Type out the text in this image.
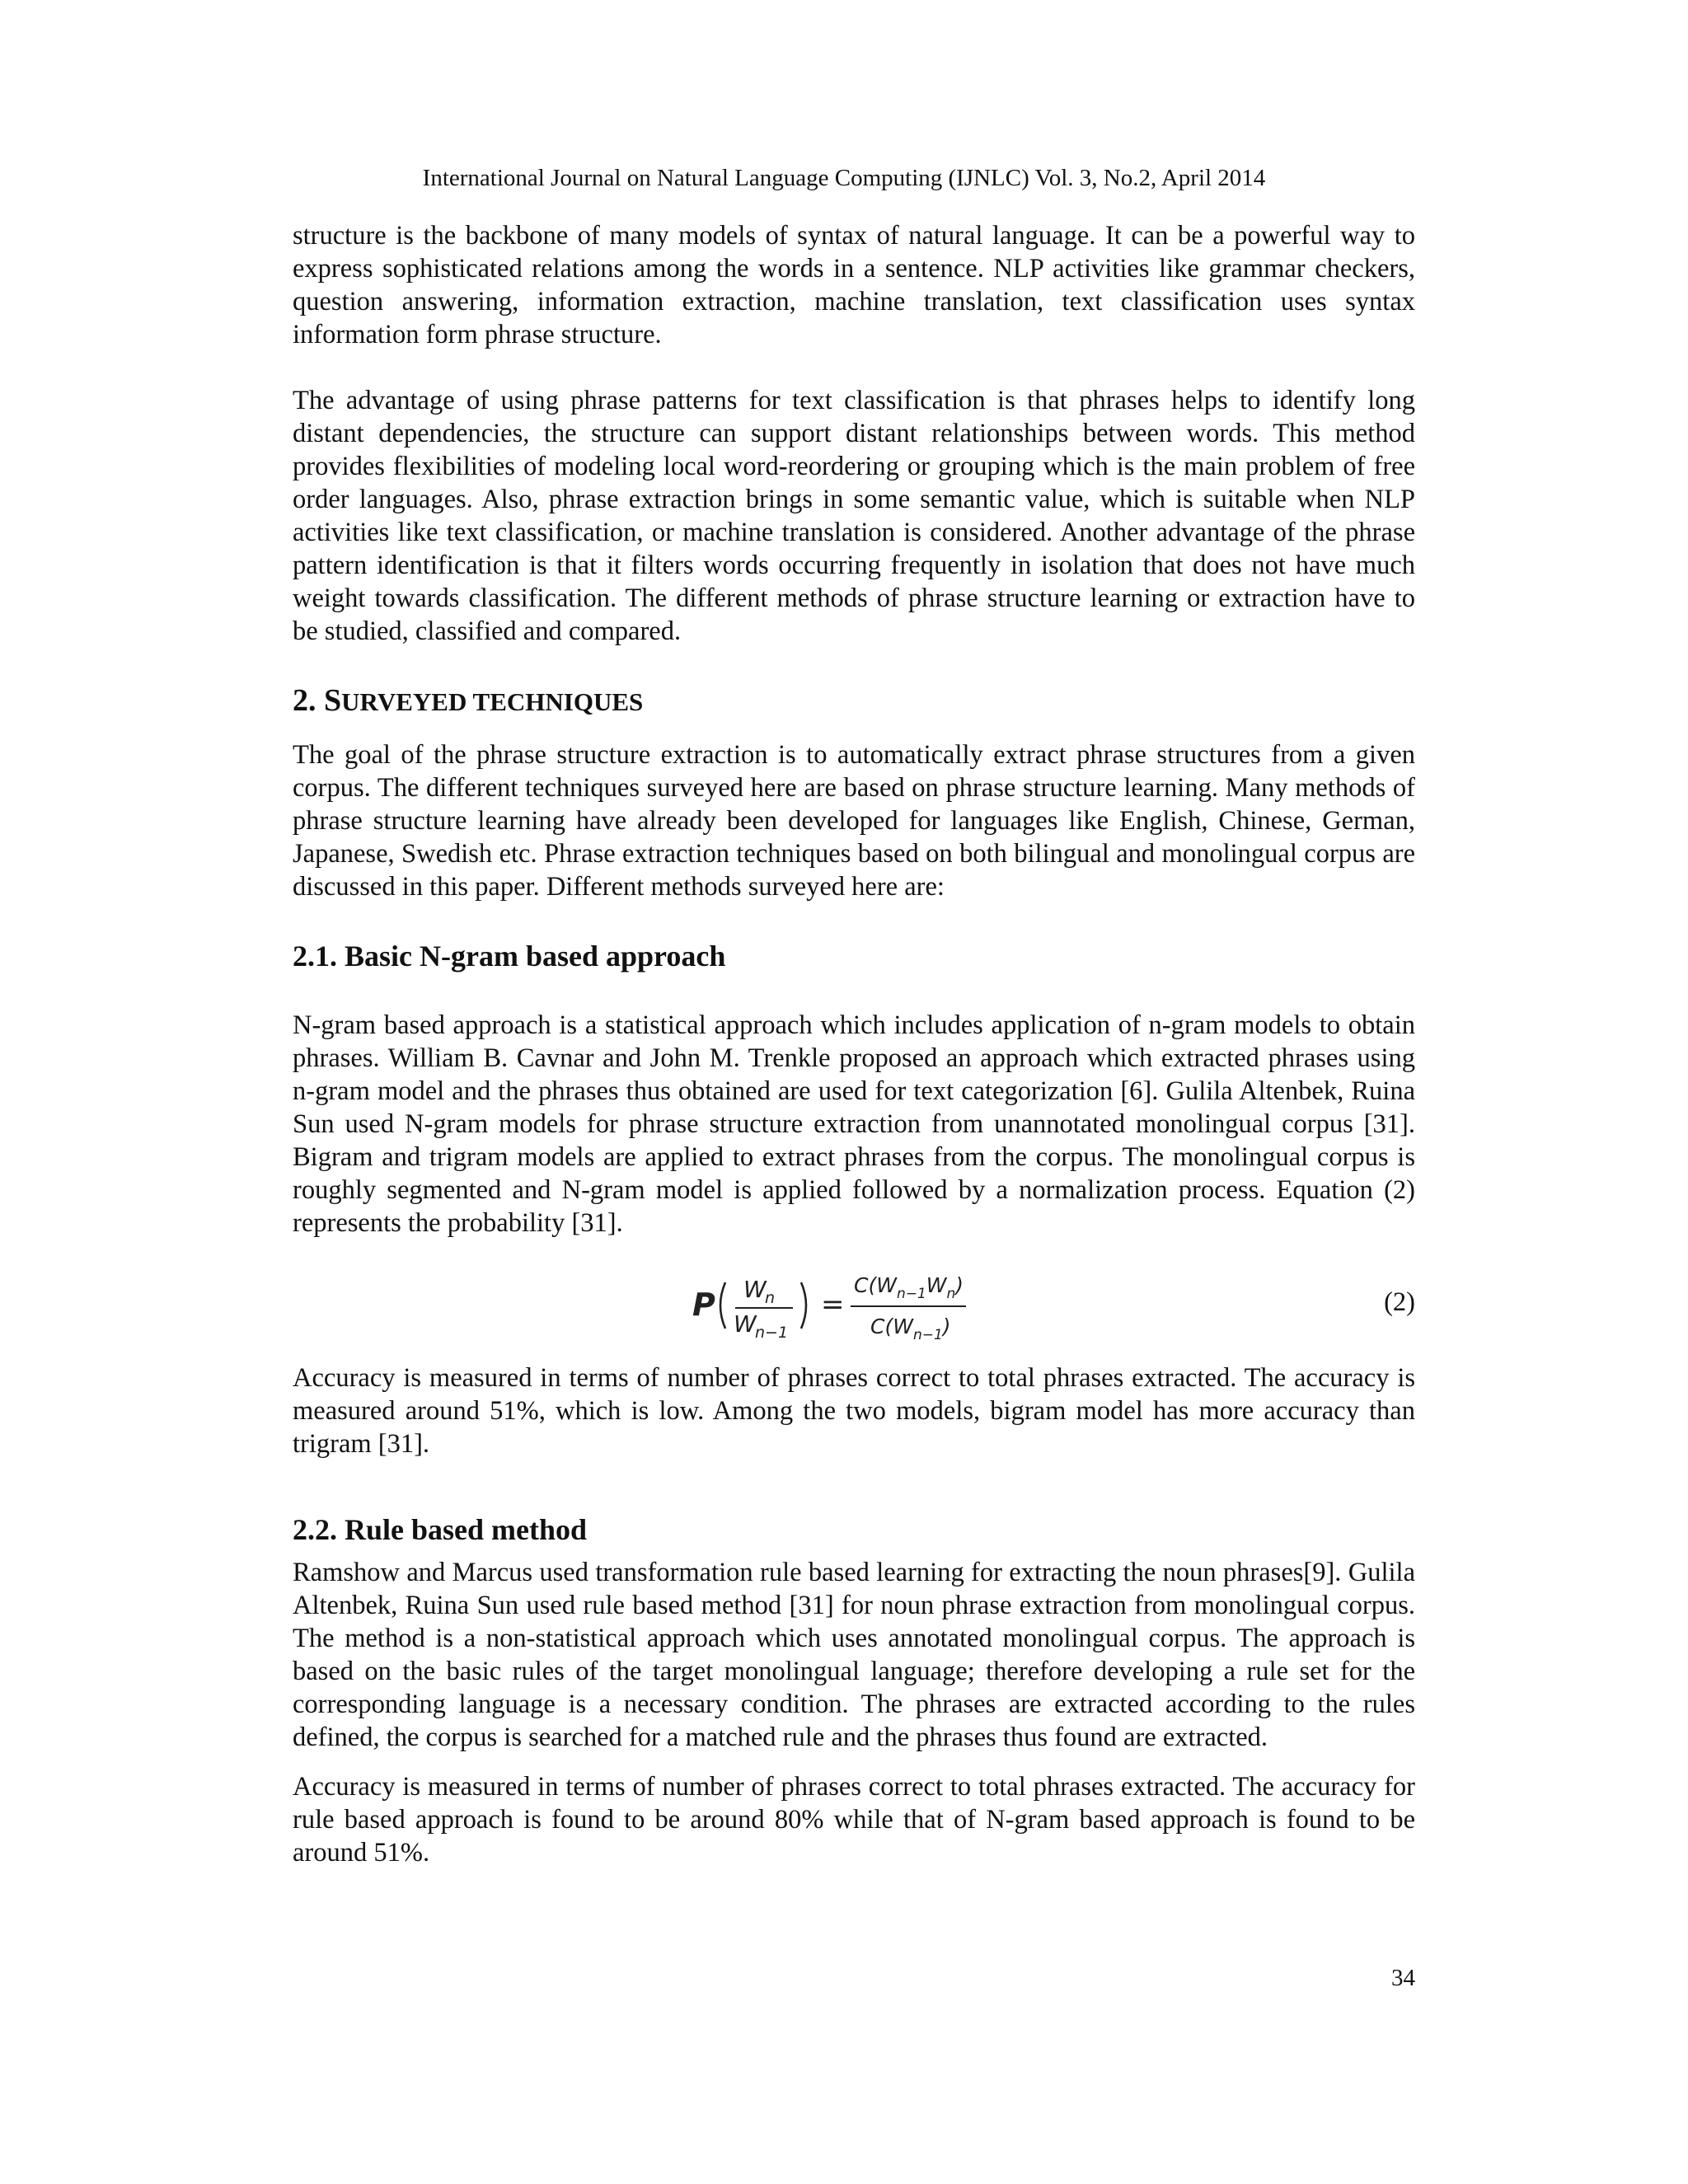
International Journal on Natural Language Computing (IJNLC) Vol. 3, No.2, April 2014

structure is the backbone of many models of syntax of natural language. It can be a powerful way to express sophisticated relations among the words in a sentence. NLP activities like grammar checkers, question answering, information extraction, machine translation, text classification uses syntax information form phrase structure.

The advantage of using phrase patterns for text classification is that phrases helps to identify long distant dependencies, the structure can support distant relationships between words. This method provides flexibilities of modeling local word-reordering or grouping which is the main problem of free order languages. Also, phrase extraction brings in some semantic value, which is suitable when NLP activities like text classification, or machine translation is considered. Another advantage of the phrase pattern identification is that it filters words occurring frequently in isolation that does not have much weight towards classification. The different methods of phrase structure learning or extraction have to be studied, classified and compared.

2. SURVEYED TECHNIQUES

The goal of the phrase structure extraction is to automatically extract phrase structures from a given corpus. The different techniques surveyed here are based on phrase structure learning. Many methods of phrase structure learning have already been developed for languages like English, Chinese, German, Japanese, Swedish etc. Phrase extraction techniques based on both bilingual and monolingual corpus are discussed in this paper. Different methods surveyed here are:

2.1. Basic N-gram based approach

N-gram based approach is a statistical approach which includes application of n-gram models to obtain phrases. William B. Cavnar and John M. Trenkle proposed an approach which extracted phrases using n-gram model and the phrases thus obtained are used for text categorization [6]. Gulila Altenbek, Ruina Sun used N-gram models for phrase structure extraction from unannotated monolingual corpus [31]. Bigram and trigram models are applied to extract phrases from the corpus. The monolingual corpus is roughly segmented and N-gram model is applied followed by a normalization process. Equation (2) represents the probability [31].

P W
n
W
n−1
=
$C(W_{n-1}W_n)$
$C(W_{n-1})$
(2)

Accuracy is measured in terms of number of phrases correct to total phrases extracted. The accuracy is measured around 51%, which is low. Among the two models, bigram model has more accuracy than trigram [31].

2.2. Rule based method

Ramshow and Marcus used transformation rule based learning for extracting the noun phrases[9]. Gulila Altenbek, Ruina Sun used rule based method [31] for noun phrase extraction from monolingual corpus. The method is a non-statistical approach which uses annotated monolingual corpus. The approach is based on the basic rules of the target monolingual language; therefore developing a rule set for the corresponding language is a necessary condition. The phrases are extracted according to the rules defined, the corpus is searched for a matched rule and the phrases thus found are extracted.

Accuracy is measured in terms of number of phrases correct to total phrases extracted. The accuracy for rule based approach is found to be around 80% while that of N-gram based approach is found to be around 51%.

34
